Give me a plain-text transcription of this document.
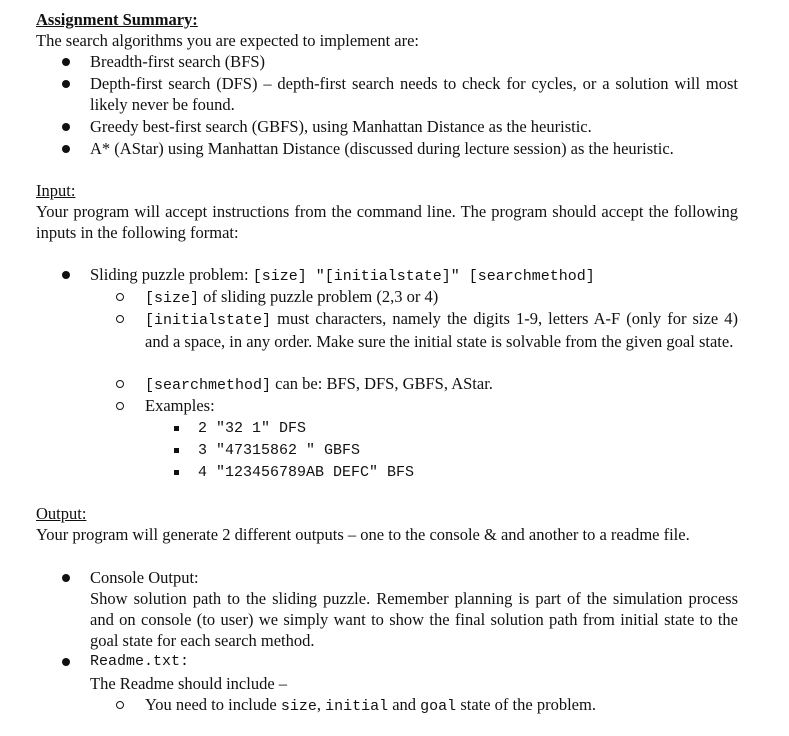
Assignment Summary:
The search algorithms you are expected to implement are:
Breadth-first search (BFS)
Depth-first search (DFS) – depth-first search needs to check for cycles, or a solution will most likely never be found.
Greedy best-first search (GBFS), using Manhattan Distance as the heuristic.
A* (AStar) using Manhattan Distance (discussed during lecture session) as the heuristic.
Input:
Your program will accept instructions from the command line. The program should accept the following inputs in the following format:
Sliding puzzle problem: [size] "[initialstate]" [searchmethod]
[size] of sliding puzzle problem (2,3 or 4)
[initialstate] must characters, namely the digits 1-9, letters A-F (only for size 4) and a space, in any order. Make sure the initial state is solvable from the given goal state.
[searchmethod] can be: BFS, DFS, GBFS, AStar.
Examples:
2 "32 1" DFS
3 "47315862 " GBFS
4 "123456789AB DEFC" BFS
Output:
Your program will generate 2 different outputs – one to the console & and another to a readme file.
Console Output:
Show solution path to the sliding puzzle. Remember planning is part of the simulation process and on console (to user) we simply want to show the final solution path from initial state to the goal state for each search method.
Readme.txt:
The Readme should include –
You need to include size, initial and goal state of the problem.
